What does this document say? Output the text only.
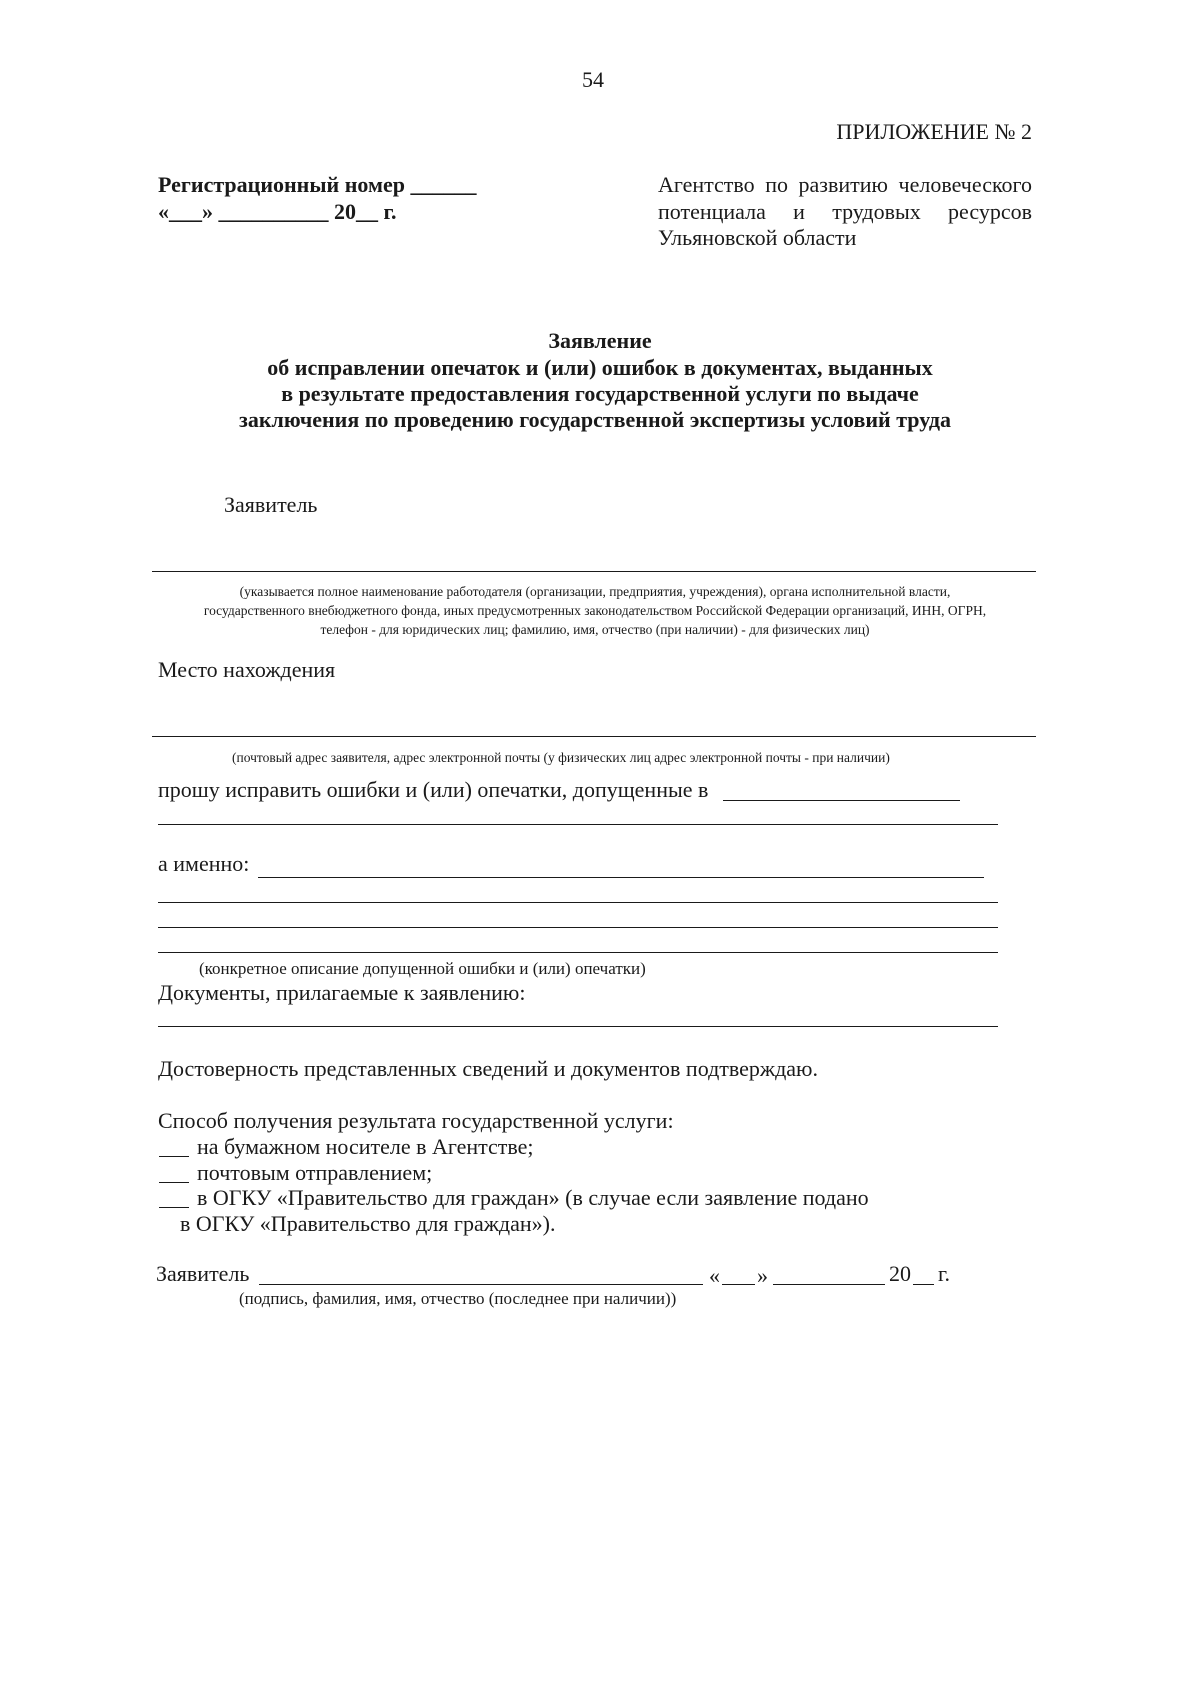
54
ПРИЛОЖЕНИЕ № 2
Регистрационный номер ______
«___» __________ 20__ г.
Агентство по развитию человеческого
потенциала и трудовых ресурсов
Ульяновской области
Заявление
об исправлении опечаток и (или) ошибок в документах, выданных
в результате предоставления государственной услуги по выдаче
заключения по проведению государственной экспертизы условий труда
Заявитель
(указывается полное наименование работодателя (организации, предприятия, учреждения), органа исполнительной власти,
государственного внебюджетного фонда, иных предусмотренных законодательством Российской Федерации организаций, ИНН, ОГРН,
телефон - для юридических лиц; фамилию, имя, отчество (при наличии) - для физических лиц)
Место нахождения
(почтовый адрес заявителя, адрес электронной почты (у физических лиц адрес электронной почты - при наличии)
прошу исправить ошибки и (или) опечатки, допущенные в
а именно:
(конкретное описание допущенной ошибки и (или) опечатки)
Документы, прилагаемые к заявлению:
Достоверность представленных сведений и документов подтверждаю.
Способ получения результата государственной услуги:
на бумажном носителе в Агентстве;
почтовым отправлением;
в ОГКУ «Правительство для граждан» (в случае если заявление подано
в ОГКУ «Правительство для граждан»).
Заявитель	« »	20 г.
(подпись, фамилия, имя, отчество (последнее при наличии))
